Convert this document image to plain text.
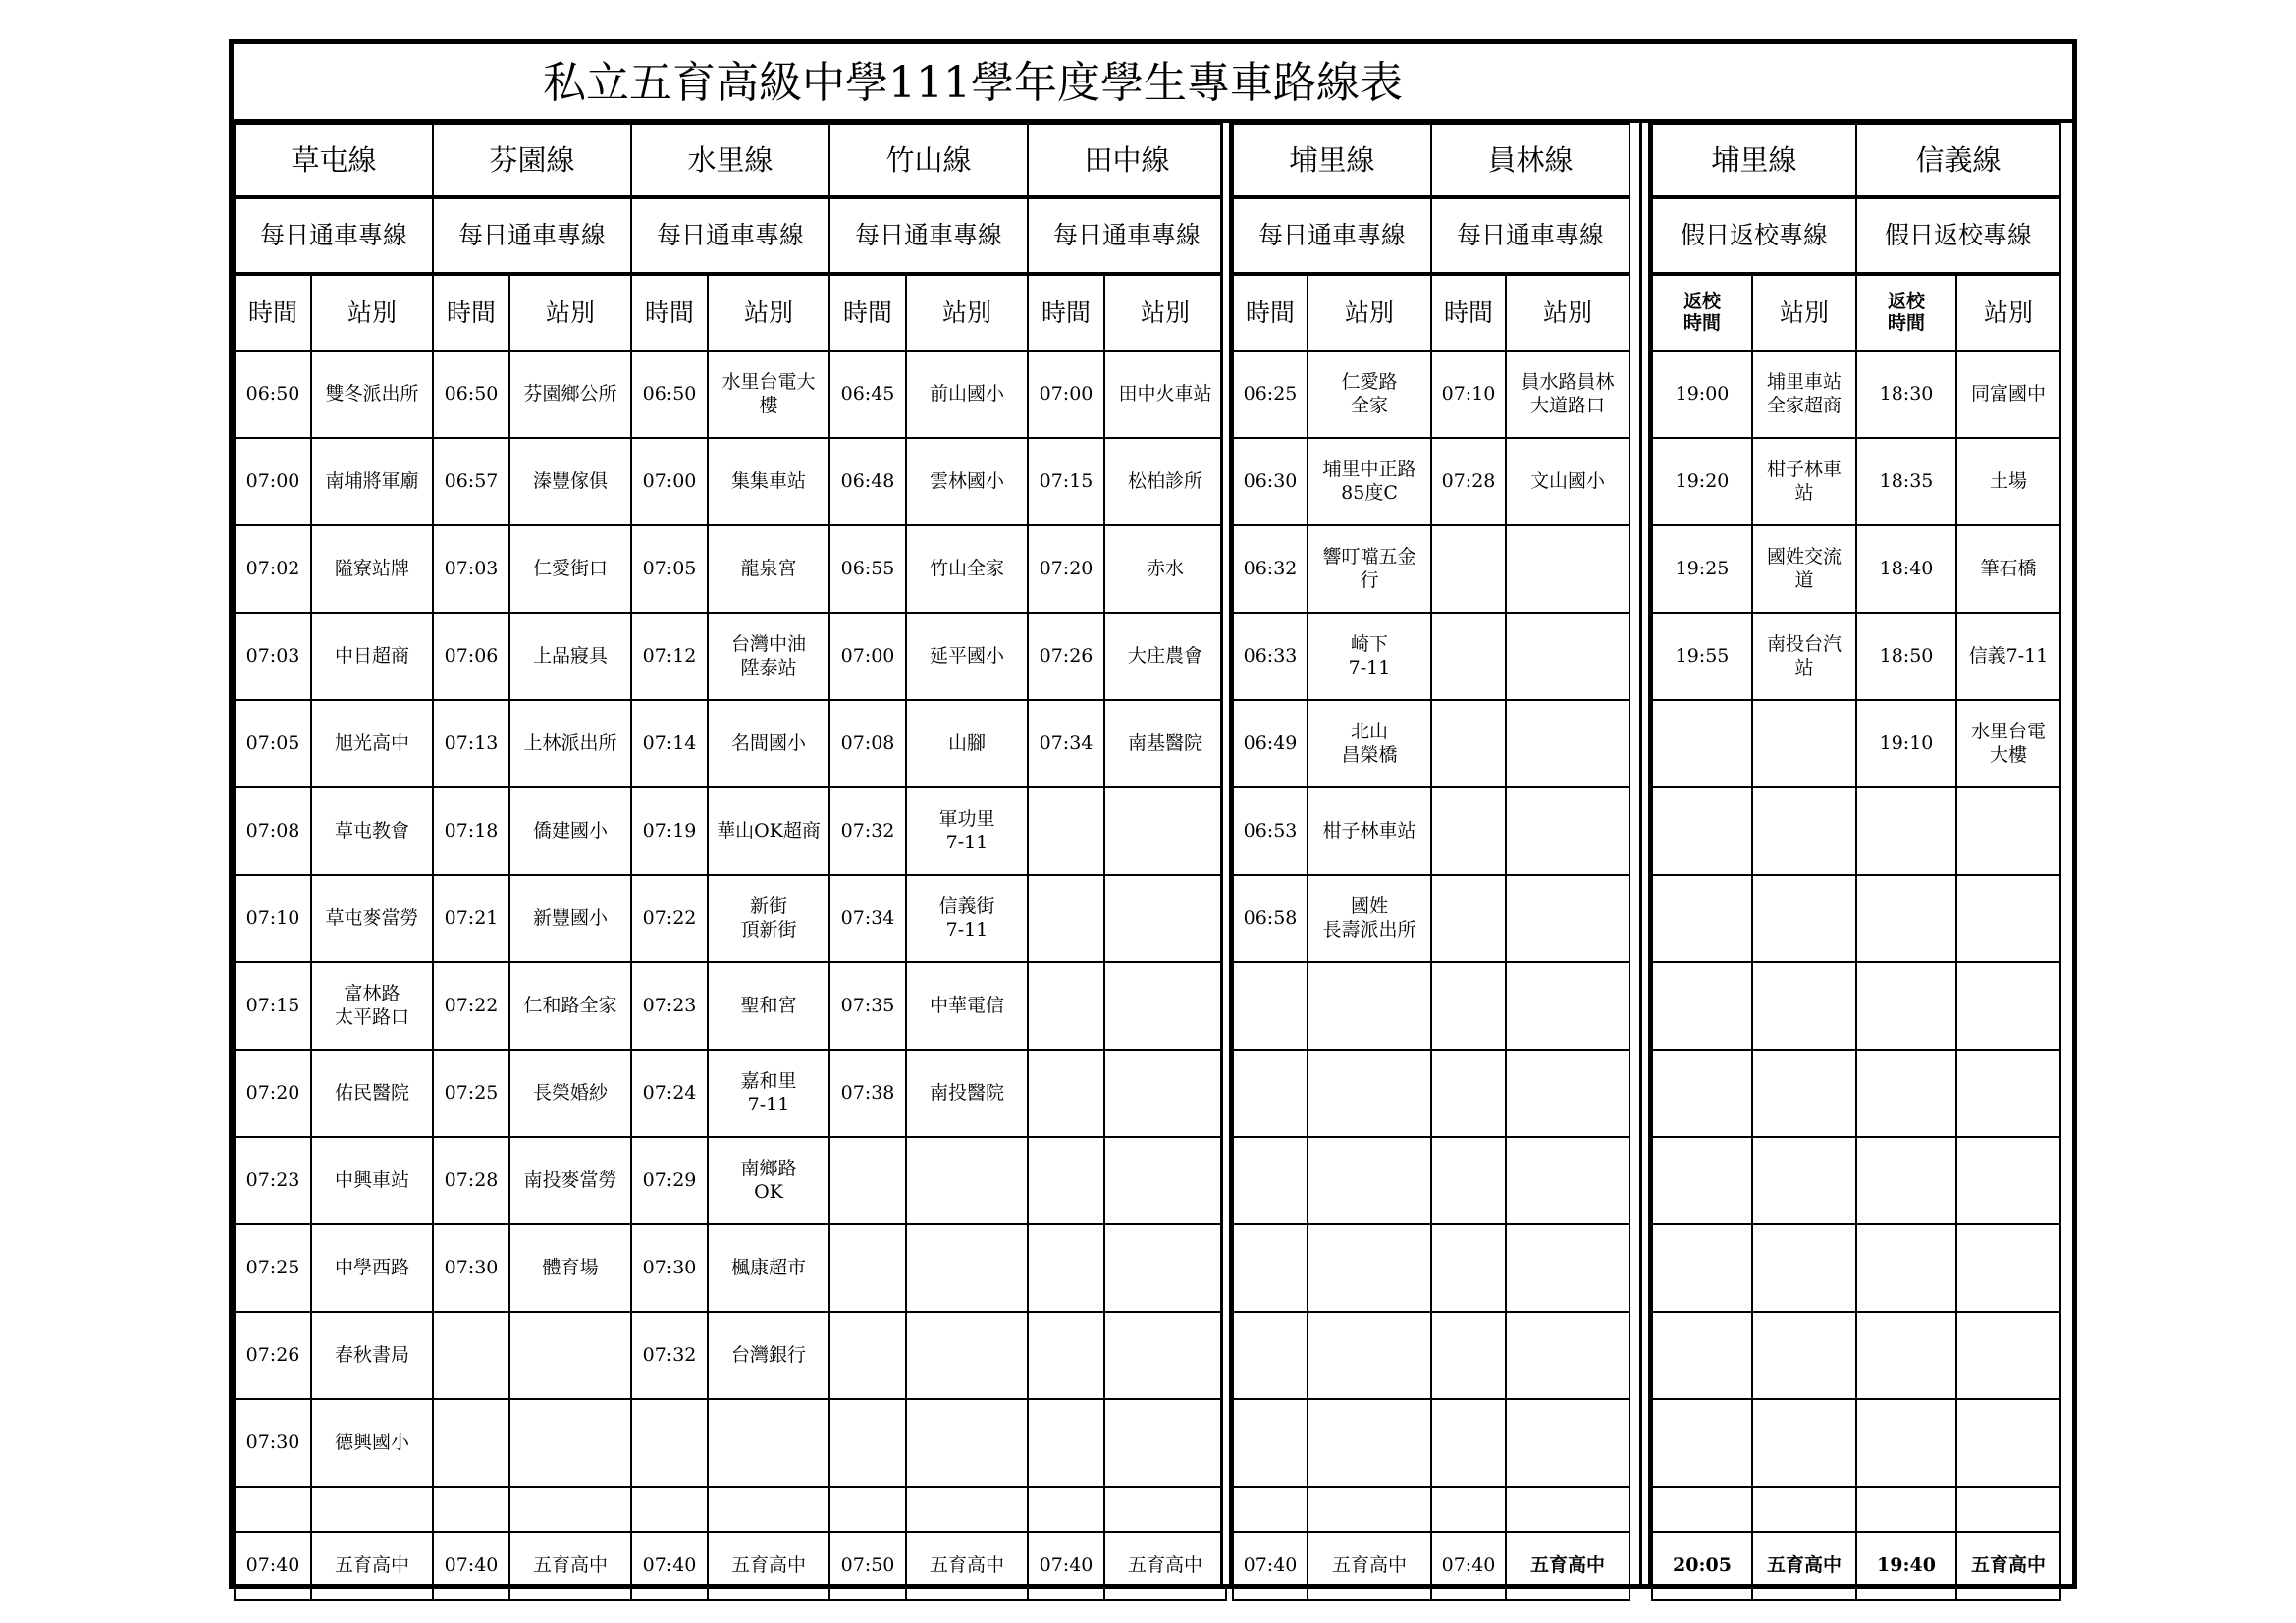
私立五育高級中學111學年度學生專車路線表
草屯線		芬園線		水里線		竹山線		田中線	

每日通車專線		每日通車專線		每日通車專線		每日通車專線		每日通車專線	

時間	站別	時間	站別	時間	站別	時間	站別	時間	站別

06:50	雙冬派出所	06:50	芬園鄉公所	06:50	水里台電大
樓	06:45	前山國小	07:00	田中火車站

07:00	南埔將軍廟	06:57	溱豐傢俱	07:00	集集車站	06:48	雲林國小	07:15	松柏診所

07:02	隘寮站牌	07:03	仁愛街口	07:05	龍泉宮	06:55	竹山全家	07:20	赤水

07:03	中日超商	07:06	上品寢具	07:12	台灣中油
陞泰站	07:00	延平國小	07:26	大庄農會

07:05	旭光高中	07:13	上林派出所	07:14	名間國小	07:08	山腳	07:34	南基醫院

07:08	草屯教會	07:18	僑建國小	07:19	華山OK超商	07:32	軍功里
7-11		

07:10	草屯麥當勞	07:21	新豐國小	07:22	新街
頂新街	07:34	信義街
7-11		

07:15	富林路
太平路口	07:22	仁和路全家	07:23	聖和宮	07:35	中華電信		

07:20	佑民醫院	07:25	長榮婚紗	07:24	嘉和里
7-11	07:38	南投醫院		

07:23	中興車站	07:28	南投麥當勞	07:29	南鄉路
OK				

07:25	中學西路	07:30	體育場	07:30	楓康超市				

07:26	春秋書局			07:32	台灣銀行				

07:30	德興國小								

07:40	五育高中	07:40	五育高中	07:40	五育高中	07:50	五育高中	07:40	五育高中
埔里線		員林線	

每日通車專線		每日通車專線	

時間	站別	時間	站別

06:25	仁愛路
全家	07:10	員水路員林
大道路口

06:30	埔里中正路
85度C	07:28	文山國小

06:32	響叮噹五金
行		

06:33	崎下
7-11		

06:49	北山
昌榮橋		

06:53	柑子林車站		

06:58	國姓
長壽派出所		

07:40	五育高中	07:40	五育高中
埔里線		信義線	

假日返校專線		假日返校專線	

返校
時間	站別	返校
時間	站別

19:00	埔里車站
全家超商	18:30	同富國中

19:20	柑子林車
站	18:35	土場

19:25	國姓交流
道	18:40	筆石橋

19:55	南投台汽
站	18:50	信義7-11

		19:10	水里台電
大樓

20:05	五育高中	19:40	五育高中
